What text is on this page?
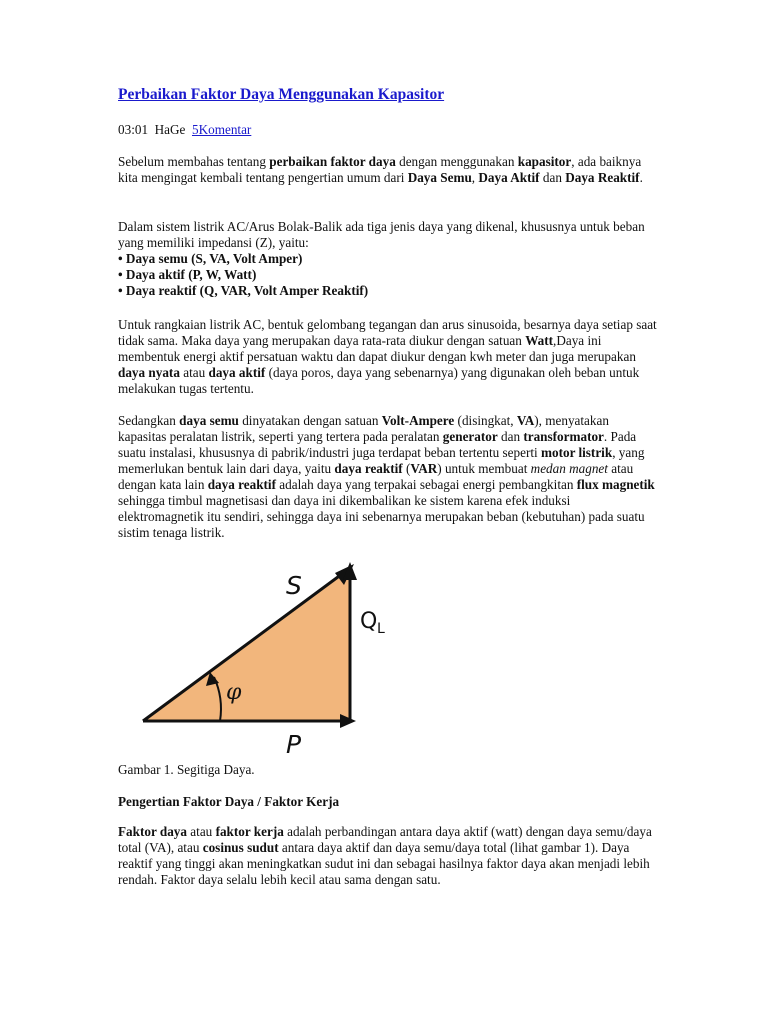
Perbaikan Faktor Daya Menggunakan Kapasitor
03:01 HaGe 5Komentar

Sebelum membahas tentang perbaikan faktor daya dengan menggunakan kapasitor, ada baiknya kita mengingat kembali tentang pengertian umum dari Daya Semu, Daya Aktif dan Daya Reaktif.

Dalam sistem listrik AC/Arus Bolak-Balik ada tiga jenis daya yang dikenal, khususnya untuk beban yang memiliki impedansi (Z), yaitu:
• Daya semu (S, VA, Volt Amper)
• Daya aktif (P, W, Watt)
• Daya reaktif (Q, VAR, Volt Amper Reaktif)

Untuk rangkaian listrik AC, bentuk gelombang tegangan dan arus sinusoida, besarnya daya setiap saat tidak sama. Maka daya yang merupakan daya rata-rata diukur dengan satuan Watt,Daya ini membentuk energi aktif persatuan waktu dan dapat diukur dengan kwh meter dan juga merupakan daya nyata atau daya aktif (daya poros, daya yang sebenarnya) yang digunakan oleh beban untuk melakukan tugas tertentu.

Sedangkan daya semu dinyatakan dengan satuan Volt-Ampere (disingkat, VA), menyatakan kapasitas peralatan listrik, seperti yang tertera pada peralatan generator dan transformator. Pada suatu instalasi, khususnya di pabrik/industri juga terdapat beban tertentu seperti motor listrik, yang memerlukan bentuk lain dari daya, yaitu daya reaktif (VAR) untuk membuat medan magnet atau dengan kata lain daya reaktif adalah daya yang terpakai sebagai energi pembangkitan flux magnetik sehingga timbul magnetisasi dan daya ini dikembalikan ke sistem karena efek induksi elektromagnetik itu sendiri, sehingga daya ini sebenarnya merupakan beban (kebutuhan) pada suatu sistim tenaga listrik.

S
Q L
φ
P
Gambar 1. Segitiga Daya.
Pengertian Faktor Daya / Faktor Kerja

Faktor daya atau faktor kerja adalah perbandingan antara daya aktif (watt) dengan daya semu/daya total (VA), atau cosinus sudut antara daya aktif dan daya semu/daya total (lihat gambar 1). Daya reaktif yang tinggi akan meningkatkan sudut ini dan sebagai hasilnya faktor daya akan menjadi lebih rendah. Faktor daya selalu lebih kecil atau sama dengan satu.
